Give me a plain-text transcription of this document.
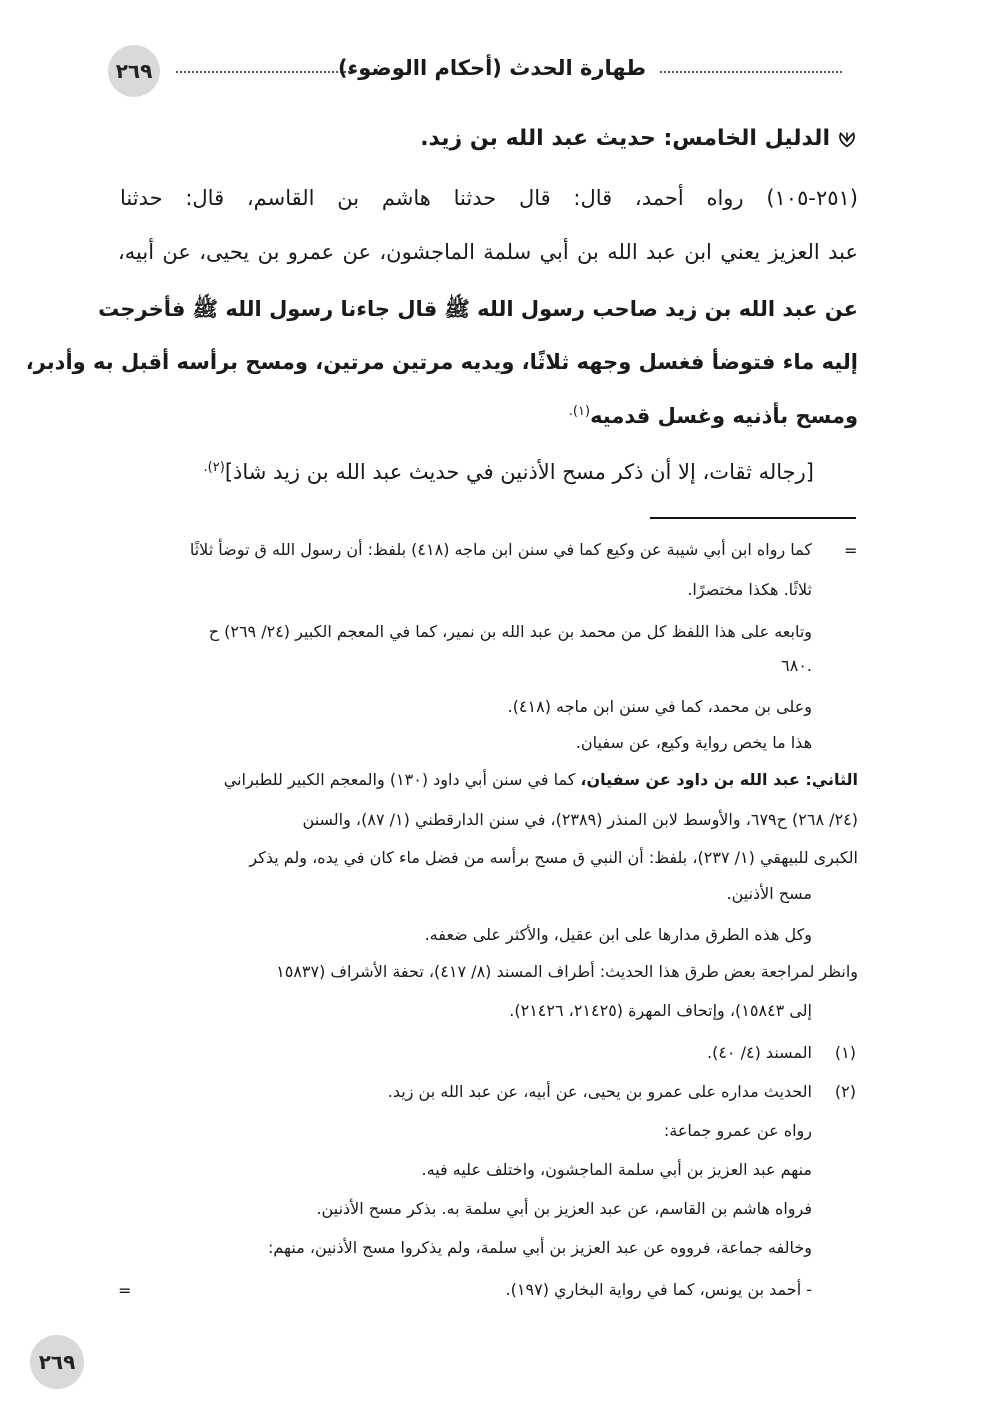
٢٦٩	طهارة الحدث (أحكام االوضوء)
الدليل الخامس: حديث عبد الله بن زيد.
(٢٥١-١٠٥) رواه أحمد، قال: قال حدثنا هاشم بن القاسم، قال: حدثنا
عبد العزيز يعني ابن عبد الله بن أبي سلمة الماجشون، عن عمرو بن يحيى، عن أبيه،
عن عبد الله بن زيد صاحب رسول الله ﷺ قال جاءنا رسول الله ﷺ فأخرجت
إليه ماء فتوضأ فغسل وجهه ثلاثًا، ويديه مرتين مرتين، ومسح برأسه أقبل به وأدبر،
ومسح بأذنيه وغسل قدميه$^{(١).}$
[رجاله ثقات، إلا أن ذكر مسح الأذنين في حديث عبد الله بن زيد شاذ]$^{(٢).}$
=
كما رواه ابن أبي شيبة عن وكيع كما في سنن ابن ماجه (٤١٨) بلفظ: أن رسول الله ق توضأ ثلاثًا
ثلاثًا. هكذا مختصرًا.
وتابعه على هذا اللفظ كل من محمد بن عبد الله بن نمير، كما في المعجم الكبير (٢٤/ ٢٦٩) ح
٦٨٠.
وعلى بن محمد، كما في سنن ابن ماجه (٤١٨).
هذا ما يخص رواية وكيع، عن سفيان.
الثاني: عبد الله بن داود عن سفيان، كما في سنن أبي داود (١٣٠) والمعجم الكبير للطبراني
(٢٤/ ٢٦٨) ح٦٧٩، والأوسط لابن المنذر (٢٣٨٩)، في سنن الدارقطني (١/ ٨٧)، والسنن
الكبرى للبيهقي (١/ ٢٣٧)، بلفظ: أن النبي ق مسح برأسه من فضل ماء كان في يده، ولم يذكر
مسح الأذنين.
وكل هذه الطرق مدارها على ابن عقيل، والأكثر على ضعفه.
وانظر لمراجعة بعض طرق هذا الحديث: أطراف المسند (٨/ ٤١٧)، تحفة الأشراف (١٥٨٣٧
إلى ١٥٨٤٣)، وإتحاف المهرة (٢١٤٢٥، ٢١٤٢٦).
(١)
المسند (٤/ ٤٠).
(٢)
الحديث مداره على عمرو بن يحيى، عن أبيه، عن عبد الله بن زيد.
رواه عن عمرو جماعة:
منهم عبد العزيز بن أبي سلمة الماجشون، واختلف عليه فيه.
فرواه هاشم بن القاسم، عن عبد العزيز بن أبي سلمة به. بذكر مسح الأذنين.
وخالفه جماعة، فرووه عن عبد العزيز بن أبي سلمة، ولم يذكروا مسح الأذنين، منهم:
- أحمد بن يونس، كما في رواية البخاري (١٩٧).
=
٢٦٩
